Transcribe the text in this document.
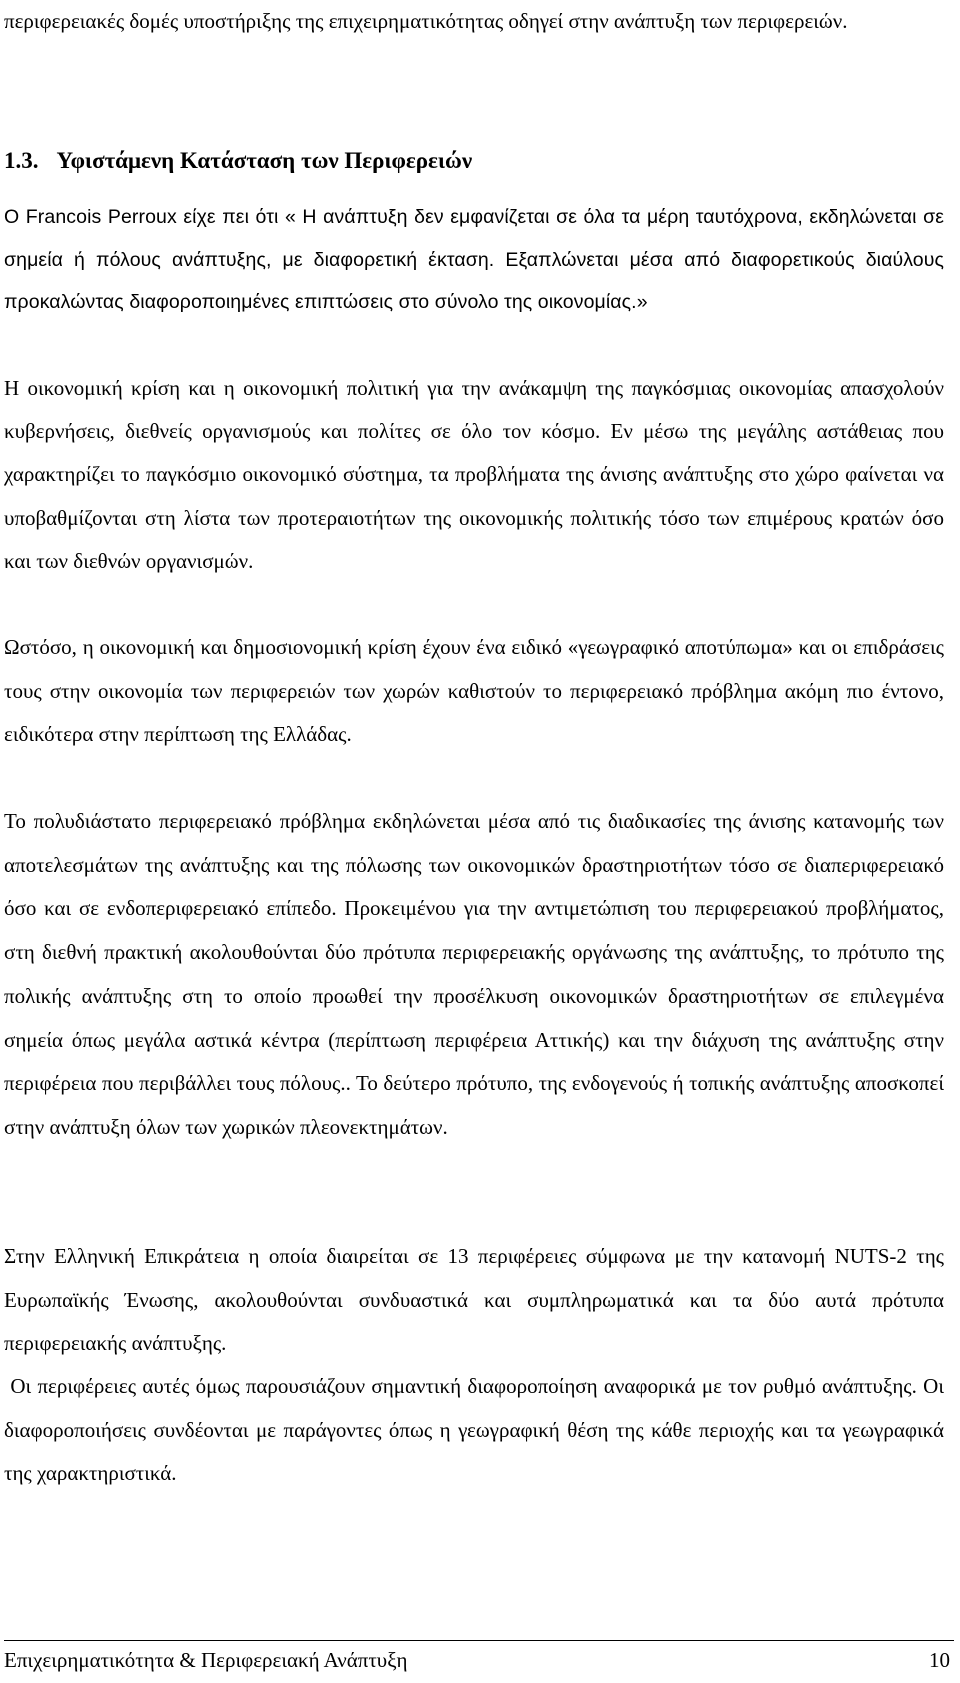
περιφερειακές δομές υποστήριξης της επιχειρηματικότητας οδηγεί στην ανάπτυξη των περιφερειών.

1.3. Υφιστάμενη Κατάσταση των Περιφερειών

Ο Francois Perroux είχε πει ότι « Η ανάπτυξη δεν εμφανίζεται σε όλα τα μέρη ταυτόχρονα, εκδηλώνεται σε σημεία ή πόλους ανάπτυξης, με διαφορετική έκταση. Εξαπλώνεται μέσα από διαφορετικούς διαύλους προκαλώντας διαφοροποιημένες επιπτώσεις στο σύνολο της οικονομίας.»

Η οικονομική κρίση και η οικονομική πολιτική για την ανάκαμψη της παγκόσμιας οικονομίας απασχολούν κυβερνήσεις, διεθνείς οργανισμούς και πολίτες σε όλο τον κόσμο. Εν μέσω της μεγάλης αστάθειας που χαρακτηρίζει το παγκόσμιο οικονομικό σύστημα, τα προβλήματα της άνισης ανάπτυξης στο χώρο φαίνεται να υποβαθμίζονται στη λίστα των προτεραιοτήτων της οικονομικής πολιτικής τόσο των επιμέρους κρατών όσο και των διεθνών οργανισμών.

Ωστόσο, η οικονομική και δημοσιονομική κρίση έχουν ένα ειδικό «γεωγραφικό αποτύπωμα» και οι επιδράσεις τους στην οικονομία των περιφερειών των χωρών καθιστούν το περιφερειακό πρόβλημα ακόμη πιο έντονο, ειδικότερα στην περίπτωση της Ελλάδας.

Το πολυδιάστατο περιφερειακό πρόβλημα εκδηλώνεται μέσα από τις διαδικασίες της άνισης κατανομής των αποτελεσμάτων της ανάπτυξης και της πόλωσης των οικονομικών δραστηριοτήτων τόσο σε διαπεριφερειακό όσο και σε ενδοπεριφερειακό επίπεδο. Προκειμένου για την αντιμετώπιση του περιφερειακού προβλήματος, στη διεθνή πρακτική ακολουθούνται δύο πρότυπα περιφερειακής οργάνωσης της ανάπτυξης, το πρότυπο της πολικής ανάπτυξης στη το οποίο προωθεί την προσέλκυση οικονομικών δραστηριοτήτων σε επιλεγμένα σημεία όπως μεγάλα αστικά κέντρα (περίπτωση περιφέρεια Αττικής) και την διάχυση της ανάπτυξης στην περιφέρεια που περιβάλλει τους πόλους.. Το δεύτερο πρότυπο, της ενδογενούς ή τοπικής ανάπτυξης αποσκοπεί στην ανάπτυξη όλων των χωρικών πλεονεκτημάτων.

Στην Ελληνική Επικράτεια η οποία διαιρείται σε 13 περιφέρειες σύμφωνα με την κατανομή NUTS-2 της Ευρωπαϊκής Ένωσης, ακολουθούνται συνδυαστικά και συμπληρωματικά και τα δύο αυτά πρότυπα περιφερειακής ανάπτυξης.

Οι περιφέρειες αυτές όμως παρουσιάζουν σημαντική διαφοροποίηση αναφορικά με τον ρυθμό ανάπτυξης. Οι διαφοροποιήσεις συνδέονται με παράγοντες όπως η γεωγραφική θέση της κάθε περιοχής και τα γεωγραφικά της χαρακτηριστικά.

Επιχειρηματικότητα & Περιφερειακή Ανάπτυξη	10
